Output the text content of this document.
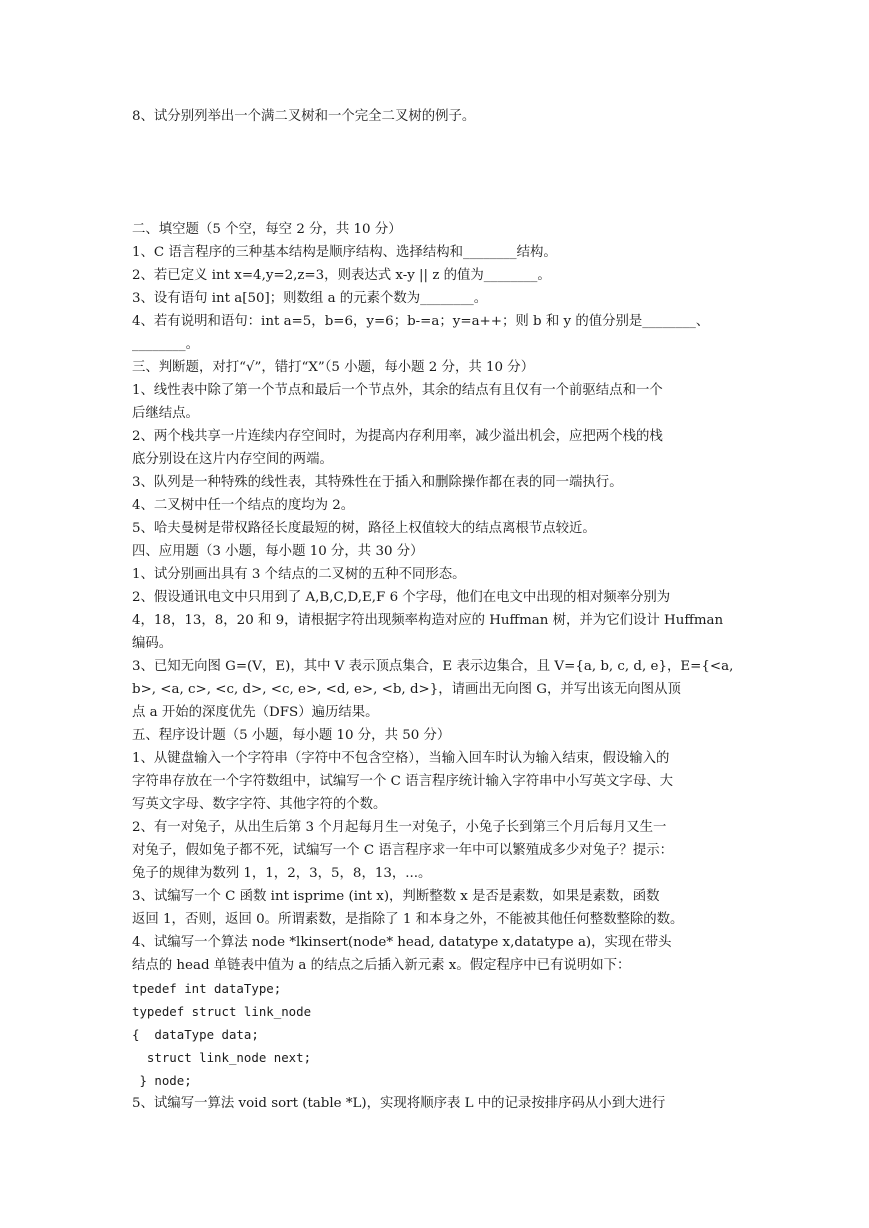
8、试分别列举出一个满二叉树和一个完全二叉树的例子。
二、填空题（5 个空，每空 2 分，共 10 分）
1、C 语言程序的三种基本结构是顺序结构、选择结构和________结构。
2、若已定义 int x=4,y=2,z=3，则表达式 x-y || z 的值为________。
3、设有语句 int a[50]；则数组 a 的元素个数为________。
4、若有说明和语句：int a=5，b=6，y=6；b-=a；y=a++；则 b 和 y 的值分别是________、
________。
三、判断题，对打“√”，错打“X”（5 小题，每小题 2 分，共 10 分）
1、线性表中除了第一个节点和最后一个节点外，其余的结点有且仅有一个前驱结点和一个
后继结点。
2、两个栈共享一片连续内存空间时，为提高内存利用率，减少溢出机会，应把两个栈的栈
底分别设在这片内存空间的两端。
3、队列是一种特殊的线性表，其特殊性在于插入和删除操作都在表的同一端执行。
4、二叉树中任一个结点的度均为 2。
5、哈夫曼树是带权路径长度最短的树，路径上权值较大的结点离根节点较近。
四、应用题（3 小题，每小题 10 分，共 30 分）
1、试分别画出具有 3 个结点的二叉树的五种不同形态。
2、假设通讯电文中只用到了 A,B,C,D,E,F 6 个字母，他们在电文中出现的相对频率分别为
4，18，13，8，20 和 9，请根据字符出现频率构造对应的 Huffman 树，并为它们设计 Huffman
编码。
3、已知无向图 G=(V，E)，其中 V 表示顶点集合，E 表示边集合，且 V={a, b, c, d, e}，E={<a,
b>, <a, c>, <c, d>, <c, e>, <d, e>, <b, d>}，请画出无向图 G，并写出该无向图从顶
点 a 开始的深度优先（DFS）遍历结果。
五、程序设计题（5 小题，每小题 10 分，共 50 分）
1、从键盘输入一个字符串（字符中不包含空格），当输入回车时认为输入结束，假设输入的
字符串存放在一个字符数组中，试编写一个 C 语言程序统计输入字符串中小写英文字母、大
写英文字母、数字字符、其他字符的个数。
2、有一对兔子，从出生后第 3 个月起每月生一对兔子，小兔子长到第三个月后每月又生一
对兔子，假如兔子都不死，试编写一个 C 语言程序求一年中可以繁殖成多少对兔子？提示：
兔子的规律为数列 1，1，2，3，5，8，13，...。
3、试编写一个 C 函数 int isprime (int x)，判断整数 x 是否是素数，如果是素数，函数
返回 1，否则，返回 0。所谓素数，是指除了 1 和本身之外，不能被其他任何整数整除的数。
4、试编写一个算法 node *lkinsert(node* head, datatype x,datatype a)，实现在带头
结点的 head 单链表中值为 a 的结点之后插入新元素 x。假定程序中已有说明如下：
tpedef int dataType;
typedef struct link_node
{  dataType data;
struct link_node next;
} node;
5、试编写一算法 void sort (table *L)，实现将顺序表 L 中的记录按排序码从小到大进行
